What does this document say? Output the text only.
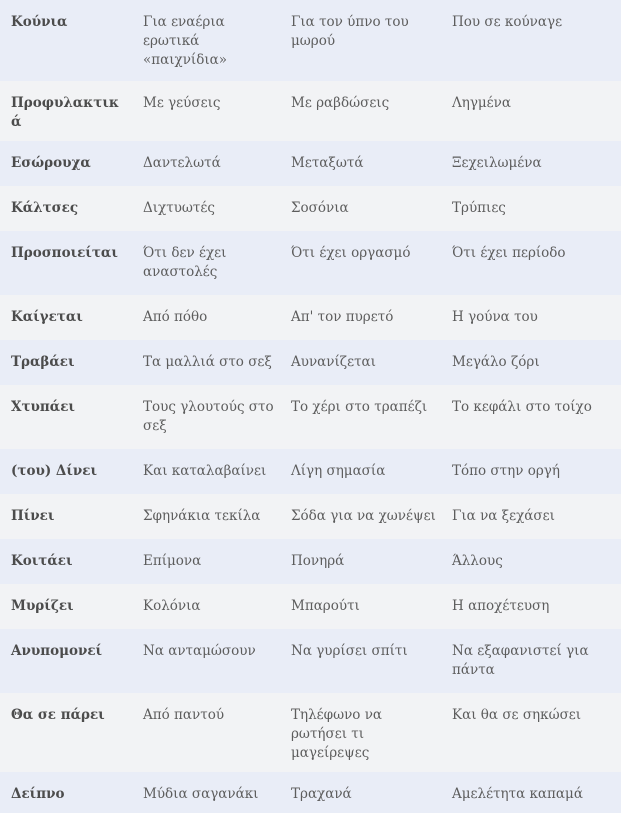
Κούνια	Για εναέρια ερωτικά «παιχνίδια»	Για τον ύπνο του μωρού	Που σε κούναγε
Προφυλακτικά	Με γεύσεις	Με ραβδώσεις	Ληγμένα
Εσώρουχα	Δαντελωτά	Μεταξωτά	Ξεχειλωμένα
Κάλτσες	Διχτυωτές	Σοσόνια	Τρύπιες
Προσποιείται	Ότι δεν έχει αναστολές	Ότι έχει οργασμό	Ότι έχει περίοδο
Καίγεται	Από πόθο	Απ' τον πυρετό	Η γούνα του
Τραβάει	Τα μαλλιά στο σεξ	Αυνανίζεται	Μεγάλο ζόρι
Χτυπάει	Τους γλουτούς στο σεξ	Το χέρι στο τραπέζι	Το κεφάλι στο τοίχο
(του) Δίνει	Και καταλαβαίνει	Λίγη σημασία	Τόπο στην οργή
Πίνει	Σφηνάκια τεκίλα	Σόδα για να χωνέψει	Για να ξεχάσει
Κοιτάει	Επίμονα	Πονηρά	Άλλους
Μυρίζει	Κολόνια	Μπαρούτι	Η αποχέτευση
Ανυπομονεί	Να ανταμώσουν	Να γυρίσει σπίτι	Να εξαφανιστεί για πάντα
Θα σε πάρει	Από παντού	Τηλέφωνο να ρωτήσει τι μαγείρεψες	Και θα σε σηκώσει
Δείπνο	Μύδια σαγανάκι	Τραχανά	Αμελέτητα καπαμά
